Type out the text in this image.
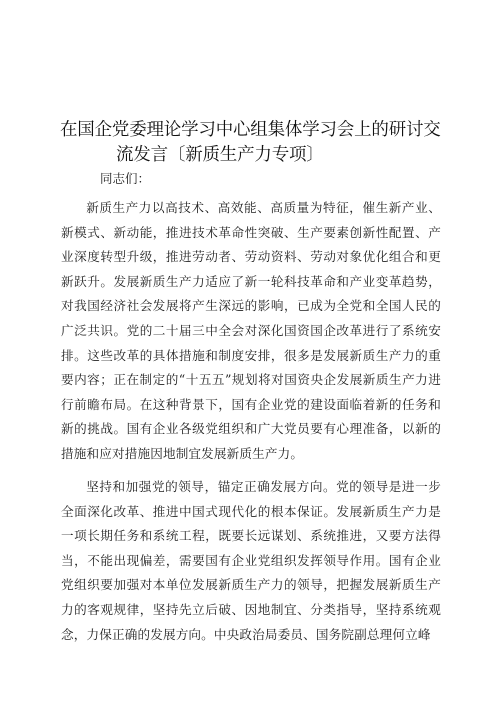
在国企党委理论学习中心组集体学习会上的研讨交
流发言〔新质生产力专项〕
同志们：
新质生产力以高技术、高效能、高质量为特征，催生新产业、新模式、新动能，推进技术革命性突破、生产要素创新性配置、产业深度转型升级，推进劳动者、劳动资料、劳动对象优化组合和更新跃升。发展新质生产力适应了新一轮科技革命和产业变革趋势，对我国经济社会发展将产生深远的影响，已成为全党和全国人民的广泛共识。党的二十届三中全会对深化国资国企改革进行了系统安排。这些改革的具体措施和制度安排，很多是发展新质生产力的重要内容；正在制定的“十五五”规划将对国资央企发展新质生产力进行前瞻布局。在这种背景下，国有企业党的建设面临着新的任务和新的挑战。国有企业各级党组织和广大党员要有心理准备，以新的措施和应对措施因地制宜发展新质生产力。
坚持和加强党的领导，锚定正确发展方向。党的领导是进一步全面深化改革、推进中国式现代化的根本保证。发展新质生产力是一项长期任务和系统工程，既要长远谋划、系统推进，又要方法得当，不能出现偏差，需要国有企业党组织发挥领导作用。国有企业党组织要加强对本单位发展新质生产力的领导，把握发展新质生产力的客观规律，坚持先立后破、因地制宜、分类指导，坚持系统观念，力保正确的发展方向。中央政治局委员、国务院副总理何立峰
